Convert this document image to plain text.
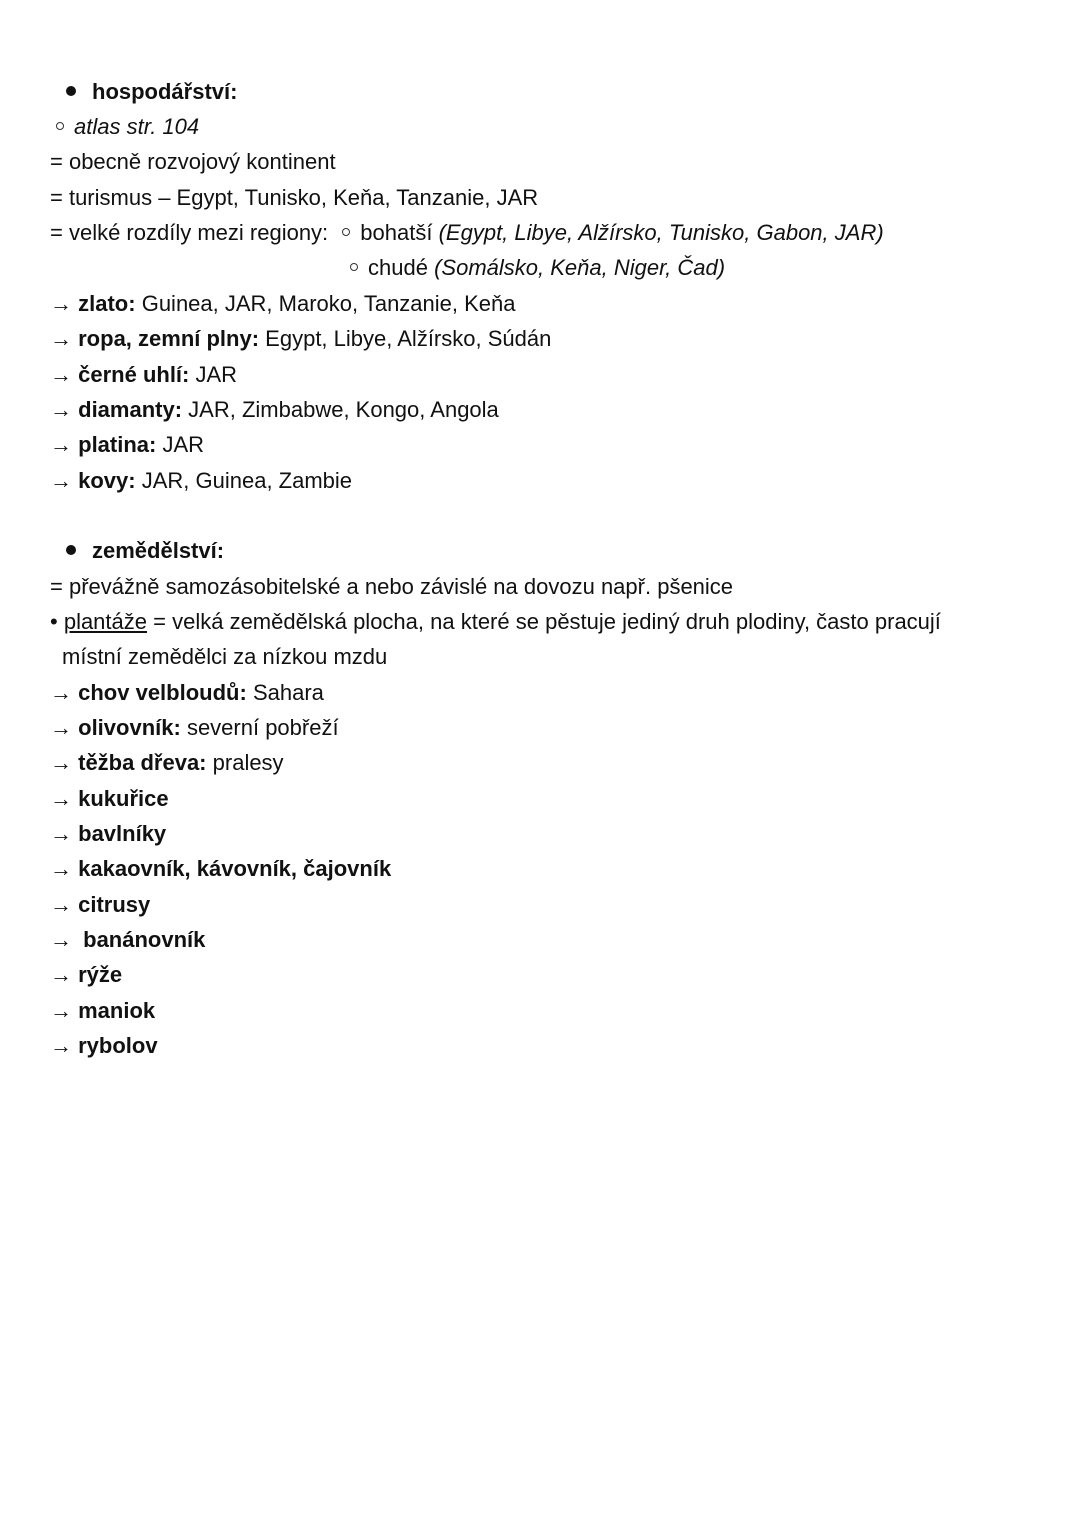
hospodářství:
atlas str. 104
= obecně rozvojový kontinent
= turismus – Egypt, Tunisko, Keňa, Tanzanie, JAR
= velké rozdíly mezi regiony: bohatší (Egypt, Libye, Alžírsko, Tunisko, Gabon, JAR)
chudé (Somálsko, Keňa, Niger, Čad)
→ zlato: Guinea, JAR, Maroko, Tanzanie, Keňa
→ ropa, zemní plny: Egypt, Libye, Alžírsko, Súdán
→ černé uhlí: JAR
→ diamanty: JAR, Zimbabwe, Kongo, Angola
→ platina: JAR
→ kovy: JAR, Guinea, Zambie
zemědělství:
= převážně samozásobitelské a nebo závislé na dovozu např. pšenice
• plantáže = velká zemědělská plocha, na které se pěstuje jediný druh plodiny, často pracují
místní zemědělci za nízkou mzdu
→ chov velbloudů: Sahara
→ olivovník: severní pobřeží
→ těžba dřeva: pralesy
→ kukuřice
→ bavlníky
→ kakaovník, kávovník, čajovník
→ citrusy
→ banánovník
→ rýže
→ maniok
→ rybolov
